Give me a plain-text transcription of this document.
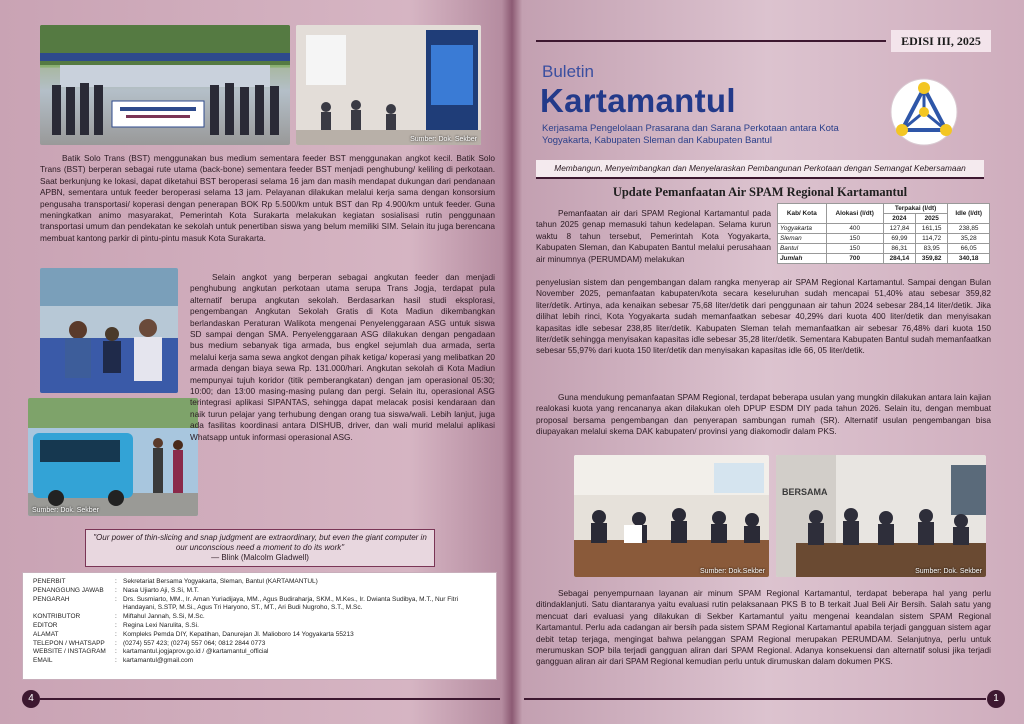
Sumber: Dok. Sekber

Batik Solo Trans (BST) menggunakan bus medium sementara feeder BST menggunakan angkot kecil. Batik Solo Trans (BST) berperan sebagai rute utama (back-bone) sementara feeder BST menjadi penghubung/ keliling di perkotaan. Saat berkunjung ke lokasi, dapat diketahui BST beroperasi selama 16 jam dan masih mendapat dukungan dari pendanaan APBN, sementara untuk feeder beroperasi selama 13 jam. Pelayanan dilakukan melalui kerja sama dengan konsorsium pengusaha transportasi/ koperasi dengan penerapan BOK Rp 5.500/km untuk BST dan Rp 4.900/km untuk feeder. Guna meningkatkan animo masyarakat, Pemerintah Kota Surakarta melakukan kegiatan sosialisasi rutin penggunaan transportasi umum dan pendekatan ke sekolah untuk penertiban siswa yang belum memiliki SIM. Selain itu juga berencana membuat kantong parkir di pintu-pintu masuk Kota Surakarta.

Sumber: Dok. Sekber

Selain angkot yang berperan sebagai angkutan feeder dan menjadi penghubung angkutan perkotaan utama serupa Trans Jogja, terdapat pula alternatif berupa angkutan sekolah. Berdasarkan hasil studi eksplorasi, pengembangan Angkutan Sekolah Gratis di Kota Madiun dikembangkan berlandaskan Peraturan Walikota mengenai Penyelenggaraan ASG untuk siswa SD sampai dengan SMA. Penyelenggaraan ASG dilakukan dengan pengadaan bus medium sebanyak tiga armada, bus engkel sejumlah dua armada, serta melalui kerja sama sewa angkot dengan pihak ketiga/ koperasi yang melibatkan 20 armada dengan biaya sewa Rp. 131.000/hari. Angkutan sekolah di Kota Madiun mempunyai tujuh koridor (titik pemberangkatan) dengan jam operasional 05:30; 10:00; dan 13:00 masing-masing pulang dan pergi. Selain itu, operasional ASG terintegrasi aplikasi SIPANTAS, sehingga dapat melacak posisi kendaraan dan naik turun pelajar yang terhubung dengan orang tua siswa/wali. Lebih lanjut, juga ada fasilitas koordinasi antara DISHUB, driver, dan wali murid melalui aplikasi Whatsapp untuk informasi operasional ASG.

"Our power of thin-slicing and snap judgment are extraordinary, but even the giant computer in our unconscious need a moment to do its work"
― Blink (Malcolm Gladwell)
PENERBIT	: Sekretariat Bersama Yogyakarta, Sleman, Bantul (KARTAMANTUL)
PENANGGUNG JAWAB	: Nasa Ujiarto Aji, S.Si, M.T.
PENGARAH	: Drs. Susmiarto, MM., Ir. Aman Yuriadijaya, MM., Agus Budiraharja, SKM., M.Kes., Ir. Dwianta Sudibya, M.T., Nur Fitri Handayani, S.STP, M.Si., Agus Tri Haryono, ST., MT., Ari Budi Nugroho, S.T., M.Sc.
KONTRIBUTOR	: Miftahul Jannah, S.Si, M.Sc.
EDITOR	: Regina Lexi Narulita, S.Si.
ALAMAT	: Kompleks Pemda DIY, Kepatihan, Danurejan Jl. Malioboro 14 Yogyakarta 55213
TELEPON / WHATSAPP	: (0274) 557 423; (0274) 557 064; 0812 2844 0773
WEBSITE / INSTAGRAM	: kartamantul.jogjaprov.go.id / @kartamantul_official
EMAIL	: kartamantul@gmail.com
4
EDISI III, 2025
Buletin
Kartamantul
Kerjasama Pengelolaan Prasarana dan Sarana Perkotaan antara Kota Yogyakarta, Kabupaten Sleman dan Kabupaten Bantul
Membangun, Menyeimbangkan dan Menyelaraskan Pembangunan Perkotaan dengan Semangat Kebersamaan
Update Pemanfaatan Air SPAM Regional Kartamantul

Pemanfaatan air dari SPAM Regional Kartamantul pada tahun 2025 genap memasuki tahun kedelapan. Selama kurun waktu 8 tahun tersebut, Pemerintah Kota Yogyakarta, Kabupaten Sleman, dan Kabupaten Bantul melalui perusahaan air minumnya (PERUMDAM) melakukan

Kab/ Kota	Alokasi (l/dt)	Terpakai (l/dt)		Idle (l/dt)
		2024	2025	
Yogyakarta	400	127,84	161,15	238,85
Sleman	150	69,99	114,72	35,28
Bantul	150	86,31	83,95	66,05
Jumlah	700	284,14	359,82	340,18

penyelusian sistem dan pengembangan dalam rangka menyerap air SPAM Regional Kartamantul. Sampai dengan Bulan November 2025, pemanfaatan kabupaten/kota secara keseluruhan sudah mencapai 51,40% atau sebesar 359,82 liter/detik. Artinya, ada kenaikan sebesar 75,68 liter/detik dari penggunaan air tahun 2024 sebesar 284,14 liter/detik. Jika dilihat lebih rinci, Kota Yogyakarta sudah memanfaatkan sebesar 40,29% dari kuota 400 liter/detik dan menyisakan kapasitas idle sebesar 238,85 liter/detik. Kabupaten Sleman telah memanfaatkan air sebesar 76,48% dari kuota 150 liter/detik sehingga menyisakan kapasitas idle sebesar 35,28 liter/detik. Sementara Kabupaten Bantul sudah memanfaatkan sebesar 55,97% dari kuota 150 liter/detik dan menyisakan kapasitas idle 66, 05 liter/detik.

Guna mendukung pemanfaatan SPAM Regional, terdapat beberapa usulan yang mungkin dilakukan antara lain kajian realokasi kuota yang rencananya akan dilakukan oleh DPUP ESDM DIY pada tahun 2026. Selain itu, dengan membuat proposal bersama pengembangan dan penyerapan sambungan rumah (SR). Alternatif usulan pengembangan bisa diupayakan melalui skema DAK kabupaten/ provinsi yang diakomodir dalam PKS.

Sumber: Dok.Sekber
BERSAMA
Sumber: Dok. Sekber

Sebagai penyempurnaan layanan air minum SPAM Regional Kartamantul, terdapat beberapa hal yang perlu ditindaklanjuti. Satu diantaranya yaitu evaluasi rutin pelaksanaan PKS B to B terkait Jual Beli Air Bersih. Salah satu yang mencuat dari evaluasi yang dilakukan di Sekber Kartamantul yaitu mengenai keandalan sistem SPAM Regional Kartamantul. Perlu ada cadangan air bersih pada sistem SPAM Regional Kartamantul apabila terjadi gangguan sistem agar debit tetap terjaga, mengingat bahwa pelanggan SPAM Regional merupakan PERUMDAM. Selanjutnya, perlu untuk merumuskan SOP bila terjadi gangguan aliran dari SPAM Regional. Adanya konsekuensi dan alternatif solusi jika terjadi gangguan aliran air dari SPAM Regional kemudian perlu untuk dirumuskan dalam dokumen PKS.

1
